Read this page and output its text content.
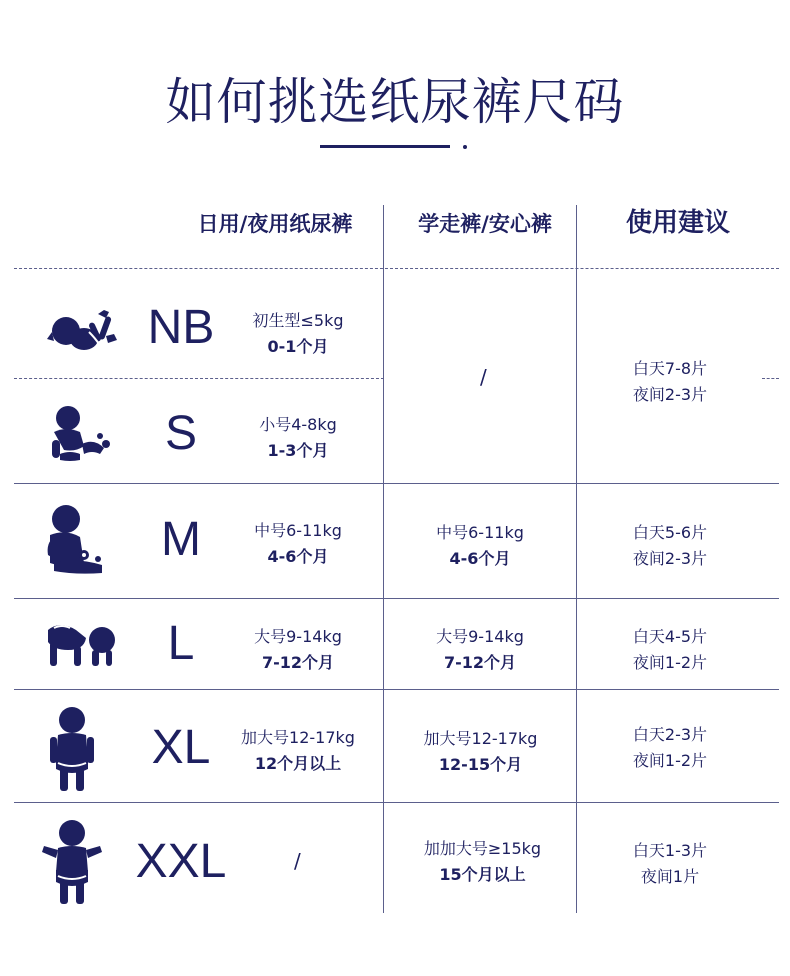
如何挑选纸尿裤尺码
日用/夜用纸尿裤	学走裤/安心裤	使用建议
NB
S
M
L
XL
XXL
初生型≤5kg
0-1个月
小号4-8kg
1-3个月
中号6-11kg
4-6个月
大号9-14kg
7-12个月
加大号12-17kg
12个月以上
/
/
中号6-11kg
4-6个月
大号9-14kg
7-12个月
加大号12-17kg
12-15个月
加加大号≥15kg
15个月以上
白天7-8片
夜间2-3片
白天5-6片
夜间2-3片
白天4-5片
夜间1-2片
白天2-3片
夜间1-2片
白天1-3片
夜间1片
